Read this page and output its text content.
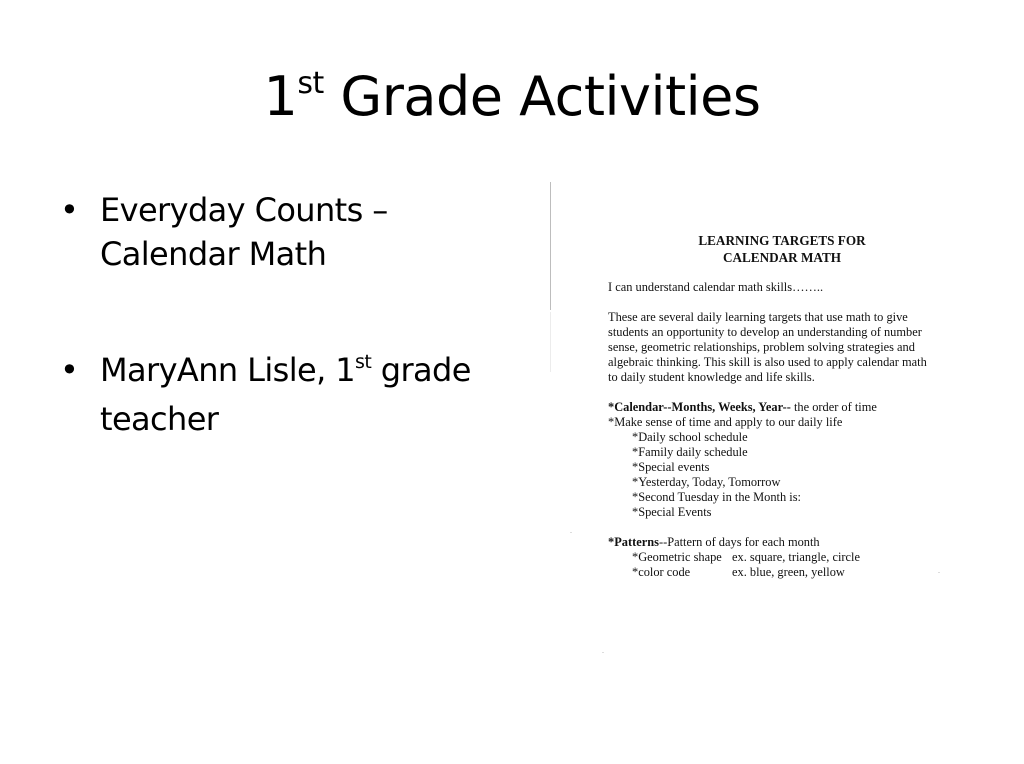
1st Grade Activities
• Everyday Counts – Calendar Math
• MaryAnn Lisle, 1st grade teacher
LEARNING TARGETS FOR
CALENDAR MATH

I can understand calendar math skills……..

These are several daily learning targets that use math to give students an opportunity to develop an understanding of number sense, geometric relationships, problem solving strategies and algebraic thinking. This skill is also used to apply calendar math to daily student knowledge and life skills.

*Calendar--Months, Weeks, Year-- the order of time

*Make sense of time and apply to our daily life

*Daily school schedule

*Family daily schedule

*Special events

*Yesterday, Today, Tomorrow

*Second Tuesday in the Month is:

*Special Events

*Patterns--Pattern of days for each month

*Geometric shape ex. square, triangle, circle

*color code	ex. blue, green, yellow
